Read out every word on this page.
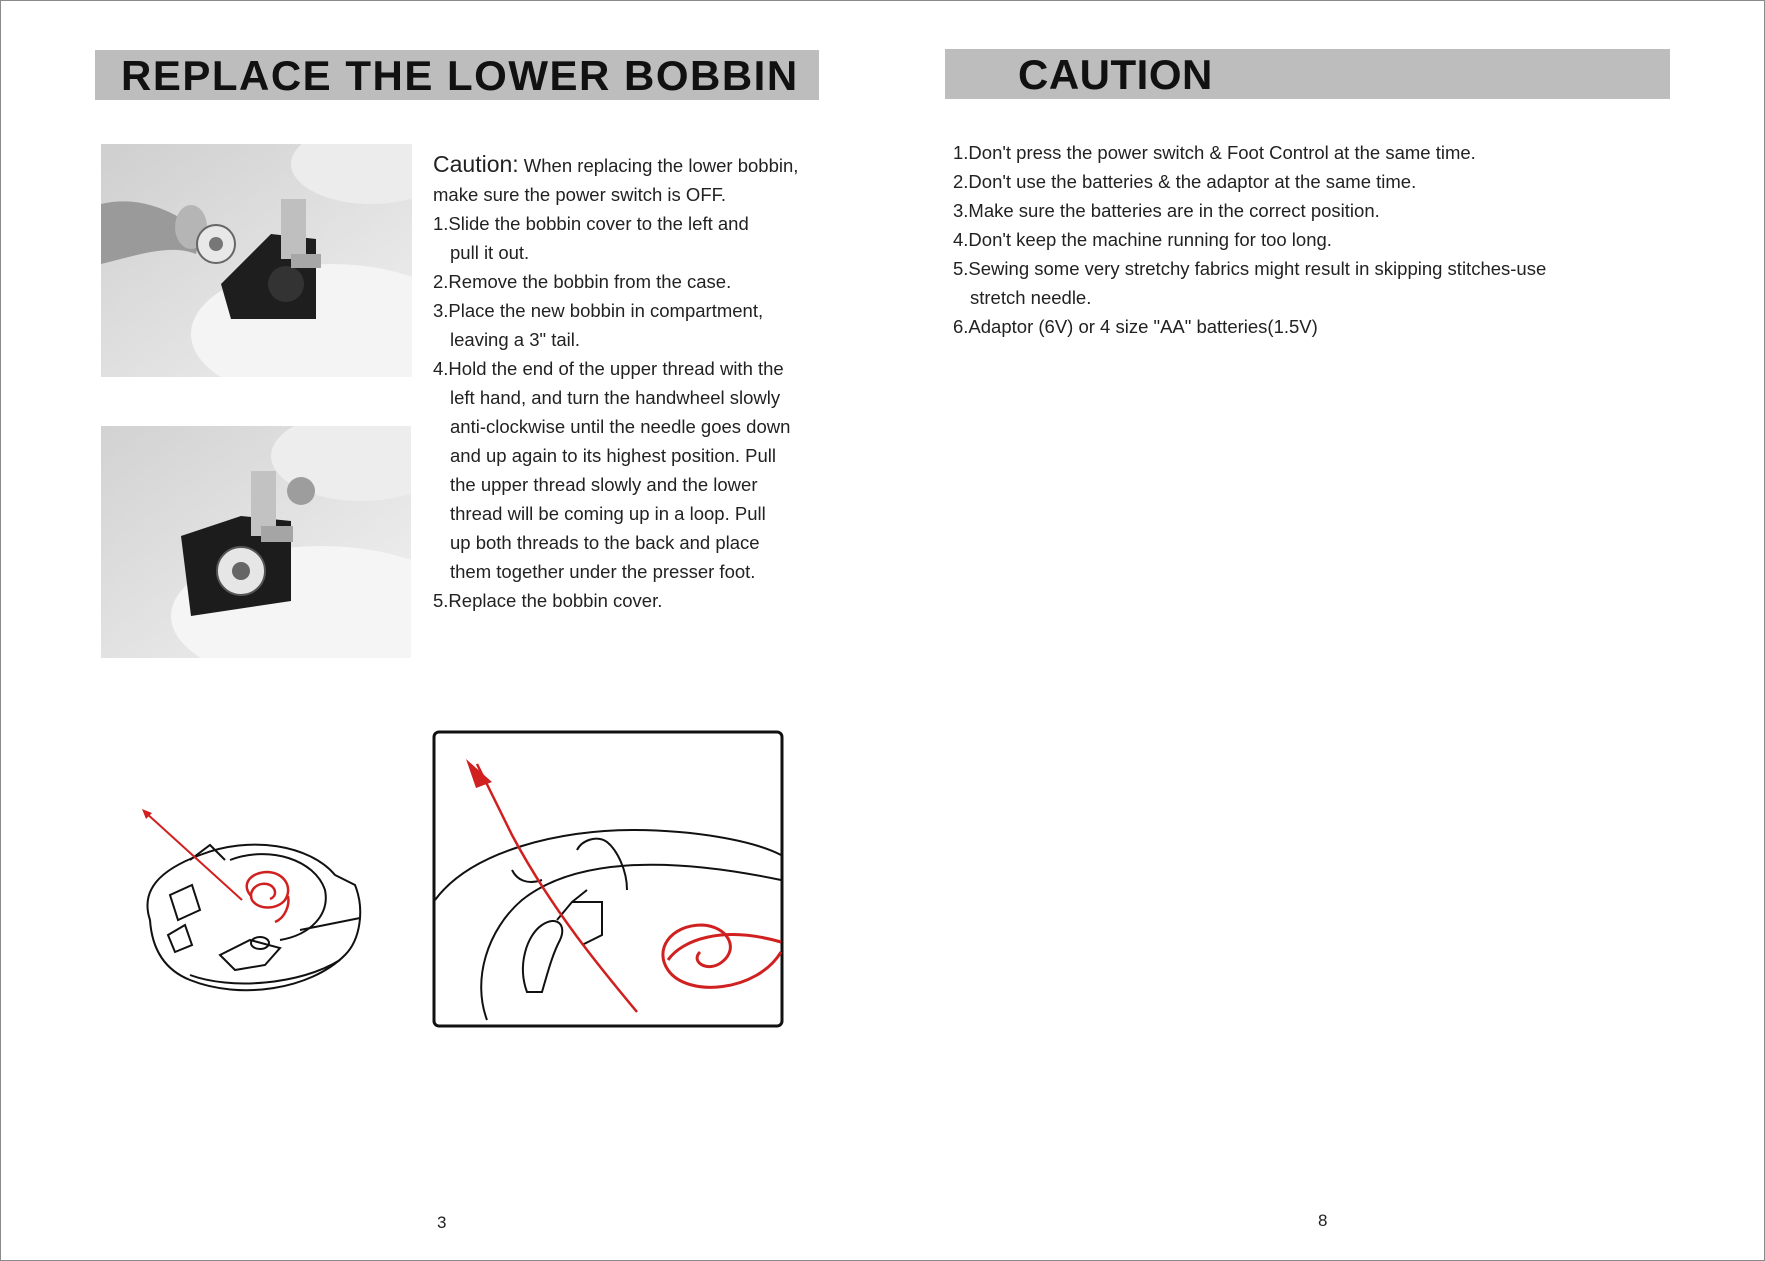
REPLACE THE LOWER BOBBIN
Caution: When replacing the lower bobbin,
make sure the power switch is OFF.
1.Slide the bobbin cover to the left and
pull it out.
2.Remove the bobbin from the case.
3.Place the new bobbin in compartment,
leaving a 3" tail.
4.Hold the end of the upper thread with the
left hand, and turn the handwheel slowly
anti-clockwise until the needle goes down
and up again to its highest position. Pull
the upper thread slowly and the lower
thread will be coming up in a loop. Pull
up both threads to the back and place
them together under the presser foot.
5.Replace the bobbin cover.
3
CAUTION
1.Don't press the power switch & Foot Control at the same time.
2.Don't use the batteries & the adaptor at the same time.
3.Make sure the batteries are in the correct position.
4.Don't keep the machine running for too long.
5.Sewing some very stretchy fabrics might result in skipping stitches-use
stretch needle.
6.Adaptor (6V) or 4 size "AA" batteries(1.5V)
8
